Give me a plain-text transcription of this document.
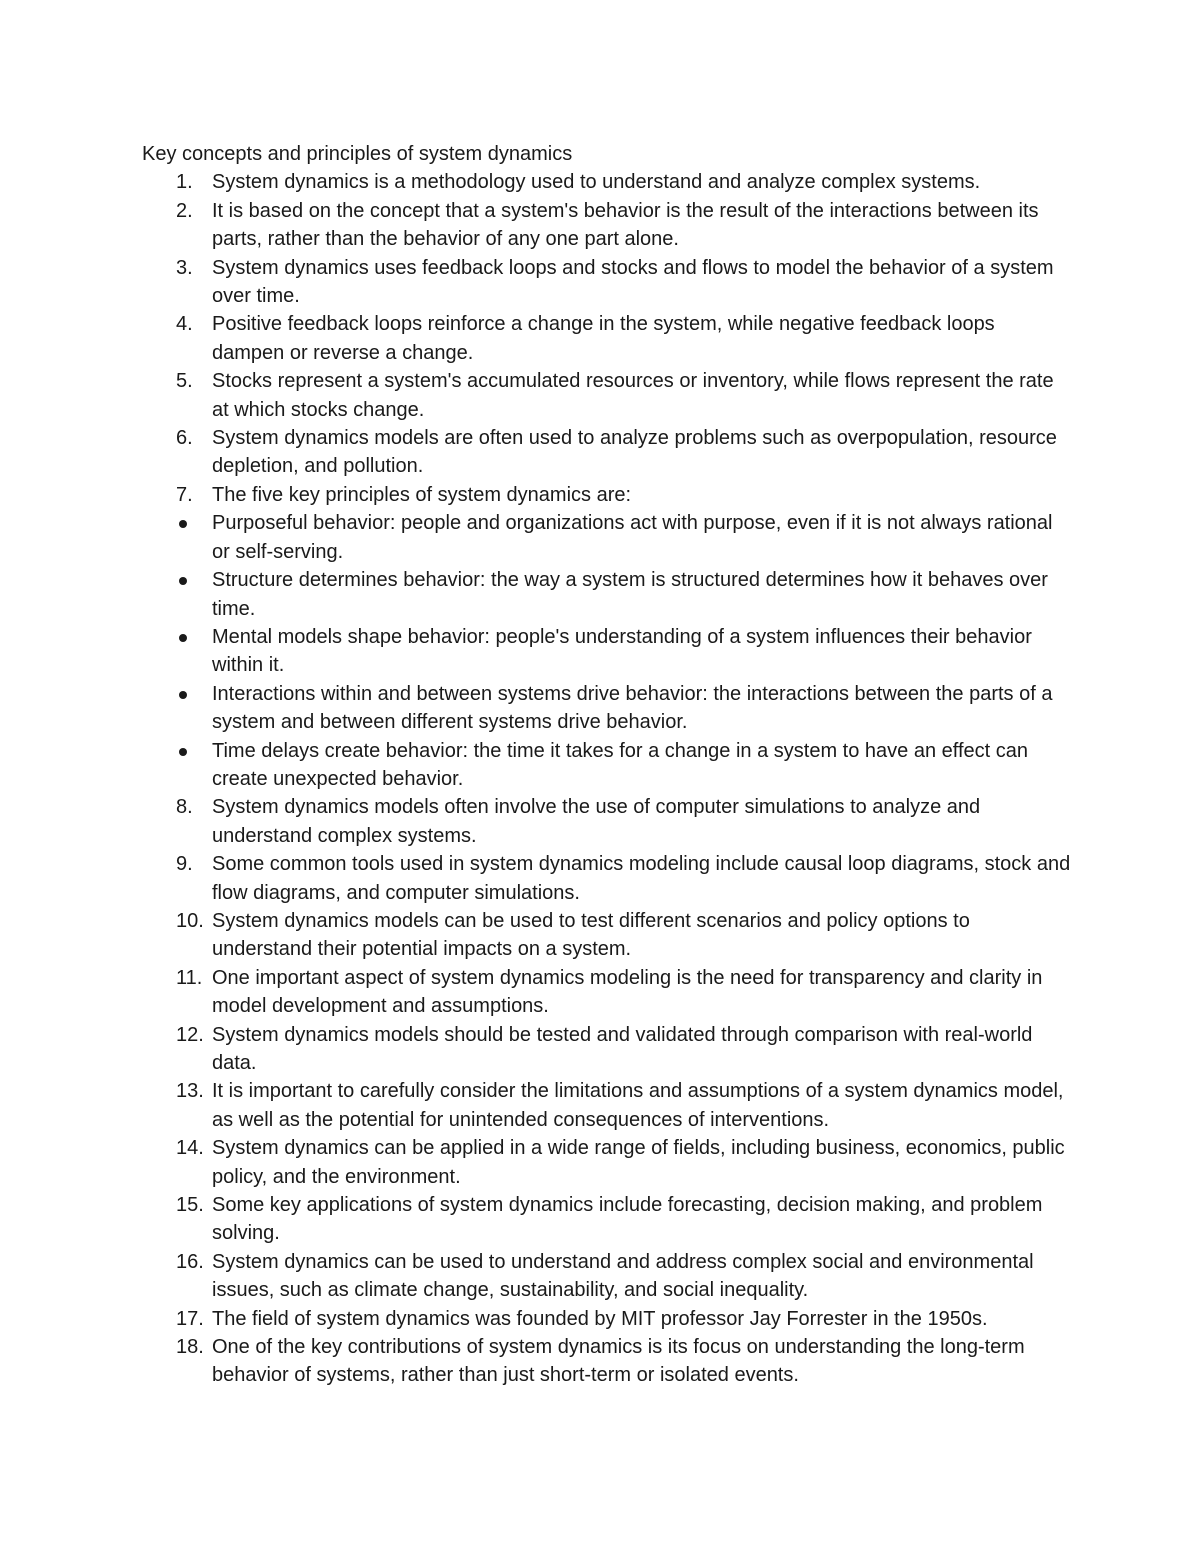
Key concepts and principles of system dynamics
1. System dynamics is a methodology used to understand and analyze complex systems.
2. It is based on the concept that a system's behavior is the result of the interactions between its parts, rather than the behavior of any one part alone.
3. System dynamics uses feedback loops and stocks and flows to model the behavior of a system over time.
4. Positive feedback loops reinforce a change in the system, while negative feedback loops dampen or reverse a change.
5. Stocks represent a system's accumulated resources or inventory, while flows represent the rate at which stocks change.
6. System dynamics models are often used to analyze problems such as overpopulation, resource depletion, and pollution.
7. The five key principles of system dynamics are:
Purposeful behavior: people and organizations act with purpose, even if it is not always rational or self-serving.
Structure determines behavior: the way a system is structured determines how it behaves over time.
Mental models shape behavior: people's understanding of a system influences their behavior within it.
Interactions within and between systems drive behavior: the interactions between the parts of a system and between different systems drive behavior.
Time delays create behavior: the time it takes for a change in a system to have an effect can create unexpected behavior.
8. System dynamics models often involve the use of computer simulations to analyze and understand complex systems.
9. Some common tools used in system dynamics modeling include causal loop diagrams, stock and flow diagrams, and computer simulations.
10. System dynamics models can be used to test different scenarios and policy options to understand their potential impacts on a system.
11. One important aspect of system dynamics modeling is the need for transparency and clarity in model development and assumptions.
12. System dynamics models should be tested and validated through comparison with real-world data.
13. It is important to carefully consider the limitations and assumptions of a system dynamics model, as well as the potential for unintended consequences of interventions.
14. System dynamics can be applied in a wide range of fields, including business, economics, public policy, and the environment.
15. Some key applications of system dynamics include forecasting, decision making, and problem solving.
16. System dynamics can be used to understand and address complex social and environmental issues, such as climate change, sustainability, and social inequality.
17. The field of system dynamics was founded by MIT professor Jay Forrester in the 1950s.
18. One of the key contributions of system dynamics is its focus on understanding the long-term behavior of systems, rather than just short-term or isolated events.
